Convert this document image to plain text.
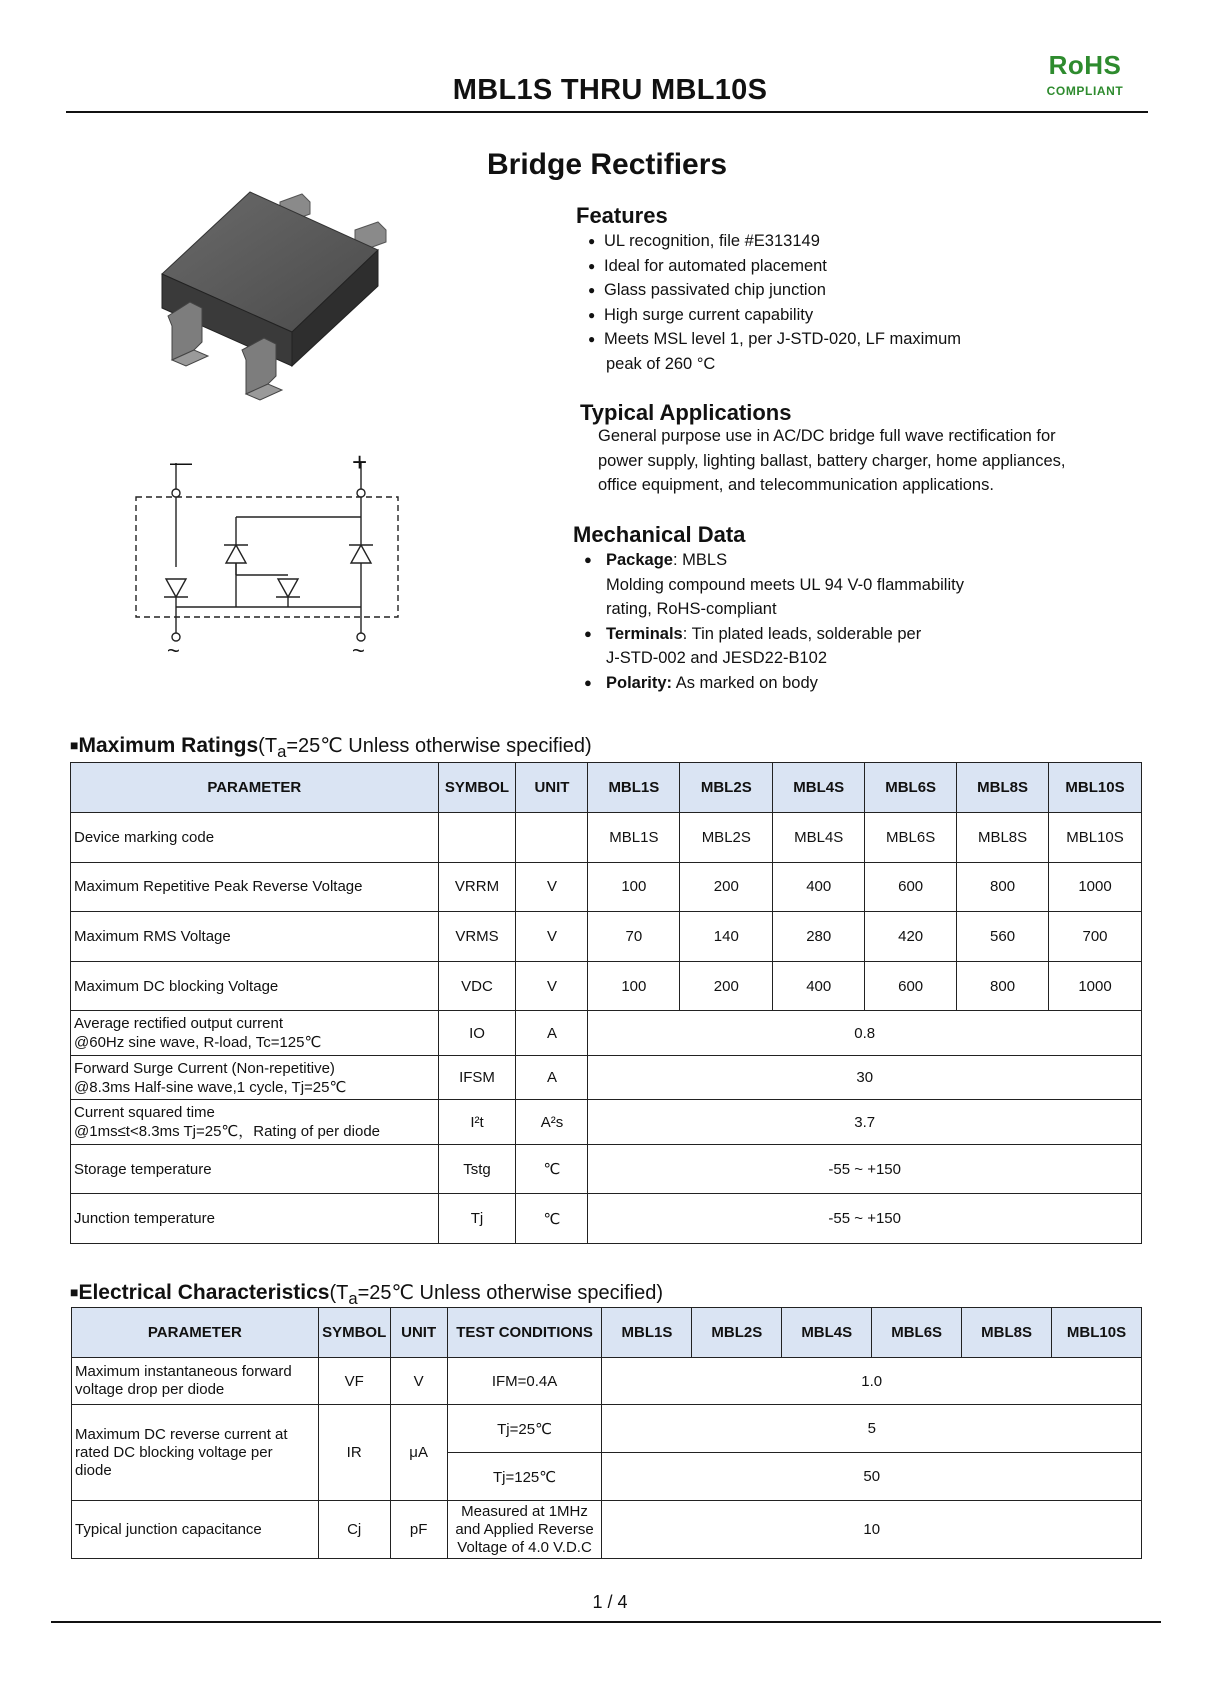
MBL1S THRU MBL10S
RoHS
COMPLIANT
Bridge Rectifiers
—	+
~	~
Features
● UL recognition, file #E313149
● Ideal for automated placement
● Glass passivated chip junction
● High surge current capability
● Meets MSL level 1, per J-STD-020, LF maximum
peak of 260 °C
Typical Applications
General purpose use in AC/DC bridge full wave rectification for
power supply, lighting ballast, battery charger, home appliances,
office equipment, and telecommunication applications.
Mechanical Data
● Package: MBLS
Molding compound meets UL 94 V-0 flammability
rating, RoHS-compliant
● Terminals: Tin plated leads, solderable per
J-STD-002 and JESD22-B102
● Polarity: As marked on body
■Maximum $Ratings(T_a=25℃$ Unless otherwise specified)
PARAMETER	SYMBOL	UNIT	MBL1S	MBL2S	MBL4S	MBL6S	MBL8S	MBL10S
Device marking code			MBL1S	MBL2S	MBL4S	MBL6S	MBL8S	MBL10S
Maximum Repetitive Peak Reverse Voltage	VRRM	V	100	200	400	600	800	1000
Maximum RMS Voltage	VRMS	V	70	140	280	420	560	700
Maximum DC blocking Voltage	VDC	V	100	200	400	600	800	1000

Average rectified output current
@60Hz sine wave, R-load, Tc=125℃	IO	A	0.8					

Forward Surge Current (Non-repetitive)
@8.3ms Half-sine wave,1 cycle, Tj=25℃	IFSM	A	30					

Current squared time
@1ms≤t<8.3ms Tj=25℃，Rating of per diode	I²t	A²s	3.7					
Storage temperature	Tstg	℃	-55 ~ +150					
Junction temperature	Tj	℃	-55 ~ +150					
■Electrical $Characteristics(T_a=25℃$ Unless otherwise specified)
PARAMETER	SYMBOL	UNIT	TEST CONDITIONS	MBL1S	MBL2S	MBL4S	MBL6S	MBL8S	MBL10S

Maximum instantaneous forward
voltage drop per diode	VF	V	IFM=0.4A	1.0					

Maximum DC reverse current at
rated DC blocking voltage per
diode	IR	μA	Tj=25℃	5					
			Tj=125℃	50					
Typical junction capacitance	Cj	pF	Measured at 1MHz
and Applied Reverse
Voltage of 4.0 V.D.C	10					
1 / 4
